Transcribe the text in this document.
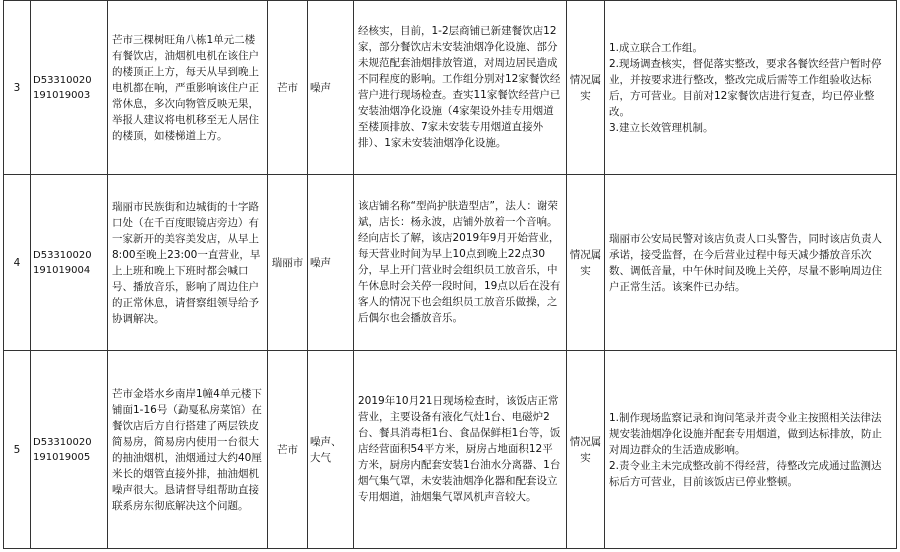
3	D53310020
191019003	芒市三棵树旺角八栋1单元二楼有餐饮店，油烟机电机在该住户的楼顶正上方，每天从早到晚上电机都在响，严重影响该住户正常休息，多次向物管反映无果，举报人建议将电机移至无人居住的楼顶，如楼梯道上方。	芒市	噪声	经核实，目前，1-2层商铺已新建餐饮店12家，部分餐饮店未安装油烟净化设施、部分未规范配套油烟排放管道，对周边居民造成不同程度的影响。工作组分别对12家餐饮经营户进行现场检查。查实11家餐饮经营户已安装油烟净化设施（4家架设外挂专用烟道至楼顶排放、7家未安装专用烟道直接外排）、1家未安装油烟净化设施。	情况属实	1.成立联合工作组。
2.现场调查核实，督促落实整改，要求各餐饮经营户暂时停业，并按要求进行整改，整改完成后需等工作组验收达标后，方可营业。目前对12家餐饮店进行复查，均已停业整改。
3.建立长效管理机制。

4	D53310020
191019004	瑞丽市民族街和边城街的十字路口处（在千百度眼镜店旁边）有一家新开的美容美发店，从早上8:00至晚上23:00一直营业，早上上班和晚上下班时都会喊口号、播放音乐，影响了周边住户的正常休息，请督察组领导给予协调解决。	瑞丽市	噪声	该店铺名称“型尚护肤造型店”，法人：谢荣斌，店长：杨永波，店铺外放着一个音响。经向店长了解，该店2019年9月开始营业，每天营业时间为早上10点到晚上22点30分，早上开门营业时会组织员工放音乐，中午休息时会关停一段时间，19点以后在没有客人的情况下也会组织员工放音乐做操，之后偶尔也会播放音乐。	情况属实	瑞丽市公安局民警对该店负责人口头警告，同时该店负责人承诺，接受监督，在今后营业过程中每天减少播放音乐次数、调低音量，中午休时间及晚上关停，尽量不影响周边住户正常生活。该案件已办结。

5	D53310020
191019005	芒市金塔水乡南岸1幢4单元楼下铺面1-16号（勐戛私房菜馆）在餐饮店后方自行搭建了两层铁皮简易房，简易房内使用一台很大的抽油烟机，油烟通过大约40厘米长的烟管直接外排，抽油烟机噪声很大。恳请督导组帮助直接联系房东彻底解决这个问题。	芒市	噪声、大气	2019年10月21日现场检查时，该饭店正常营业，主要设备有液化气灶1台、电磁炉2台、餐具消毒柜1台、食品保鲜柜1台等，饭店经营面积54平方米，厨房占地面积12平方米，厨房内配套安装1台油水分离器、1台烟气集气罩，未安装油烟净化器和配套设立专用烟道，油烟集气罩风机声音较大。	情况属实	1.制作现场监察记录和询问笔录并责令业主按照相关法律法规安装油烟净化设施并配套专用烟道，做到达标排放，防止对周边群众的生活造成影响。
2.责令业主未完成整改前不得经营，待整改完成通过监测达标后方可营业，目前该饭店已停业整顿。
